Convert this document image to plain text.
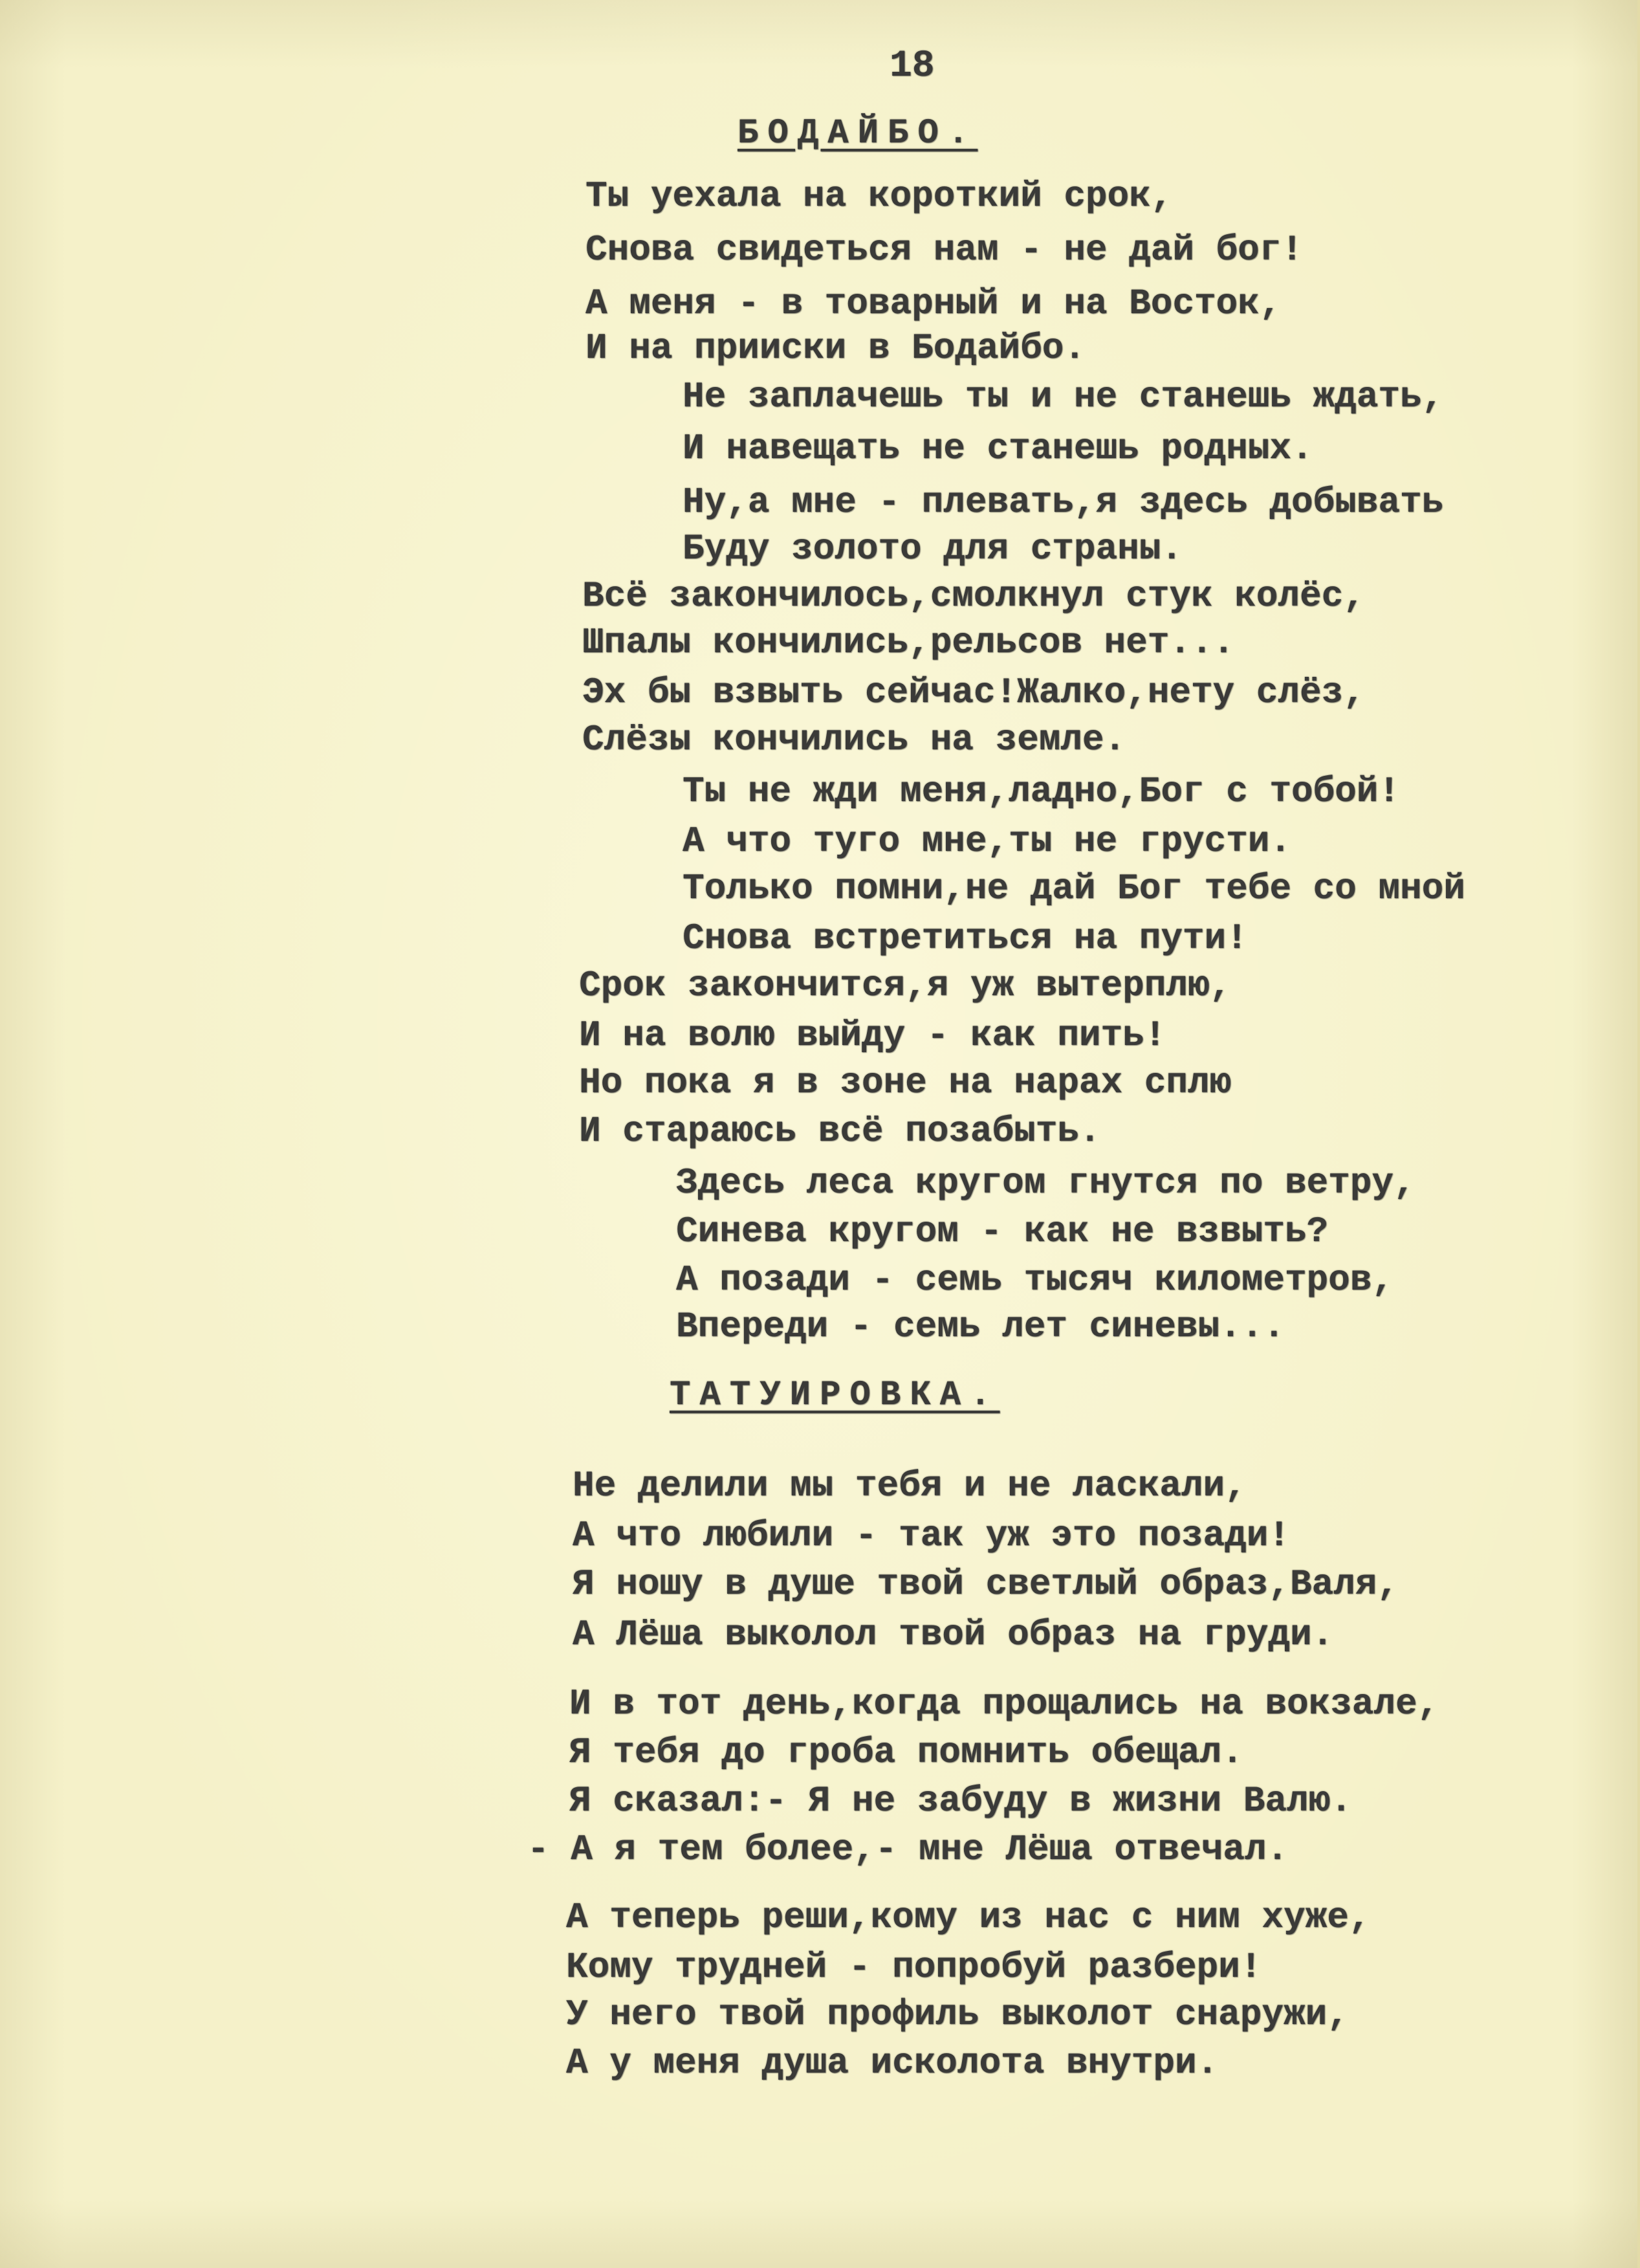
18
БОДАЙБО.
Ты уехала на короткий срок,
Снова свидеться нам - не дай бог!
А меня - в товарный и на Восток,
И на прииски в Бодайбо.
Не заплачешь ты и не станешь ждать,
И навещать не станешь родных.
Ну,а мне - плевать,я здесь добывать
Буду золото для страны.
Всё закончилось,смолкнул стук колёс,
Шпалы кончились,рельсов нет...
Эх бы взвыть сейчас!Жалко,нету слёз,
Слёзы кончились на земле.
Ты не жди меня,ладно,Бог с тобой!
А что туго мне,ты не грусти.
Только помни,не дай Бог тебе со мной
Снова встретиться на пути!
Срок закончится,я уж вытерплю,
И на волю выйду - как пить!
Но пока я в зоне на нарах сплю
И стараюсь всё позабыть.
Здесь леса кругом гнутся по ветру,
Синева кругом - как не взвыть?
А позади - семь тысяч километров,
Впереди - семь лет синевы...
ТАТУИРОВКА.
Не делили мы тебя и не ласкали,
А что любили - так уж это позади!
Я ношу в душе твой светлый образ,Валя,
А Лёша выколол твой образ на груди.
И в тот день,когда прощались на вокзале,
Я тебя до гроба помнить обещал.
Я сказал:- Я не забуду в жизни Валю.
- А я тем более,- мне Лёша отвечал.
А теперь реши,кому из нас с ним хуже,
Кому трудней - попробуй разбери!
У него твой профиль выколот снаружи,
А у меня душа исколота внутри.
